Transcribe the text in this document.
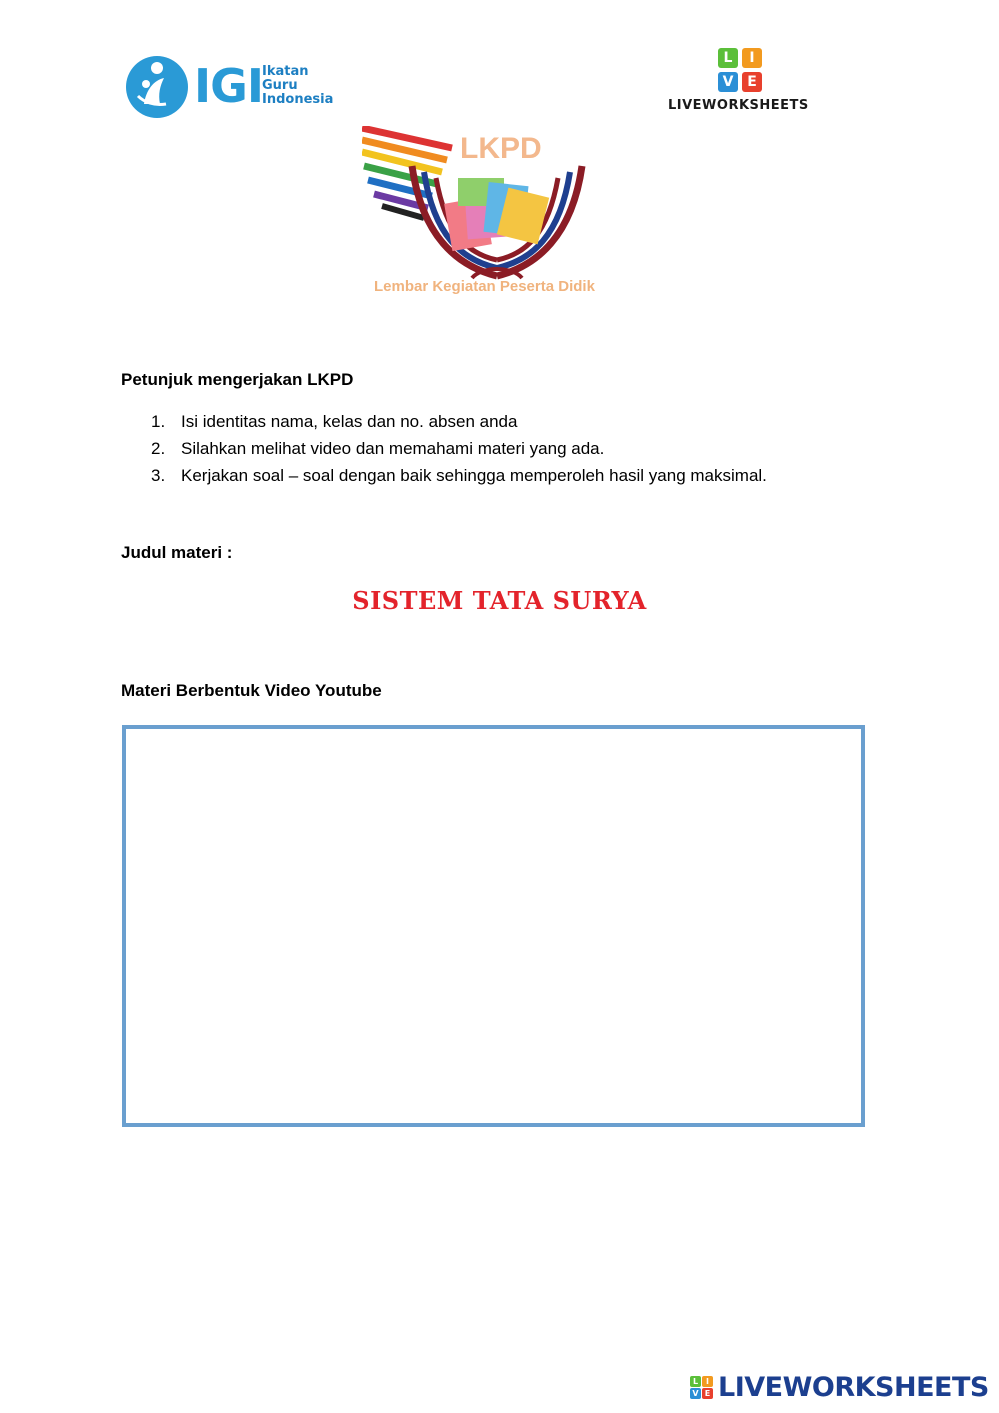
IGI Ikatan
Guru
Indonesia
L	I
V E
LIVEWORKSHEETS
LKPD
Lembar Kegiatan Peserta Didik
Petunjuk mengerjakan LKPD
1. Isi identitas nama, kelas dan no. absen anda
2. Silahkan melihat video dan memahami materi yang ada.
3. Kerjakan soal – soal dengan baik sehingga memperoleh hasil yang maksimal.
Judul materi :
SISTEM TATA SURYA
Materi Berbentuk Video Youtube
L I
V E LIVEWORKSHEETS
